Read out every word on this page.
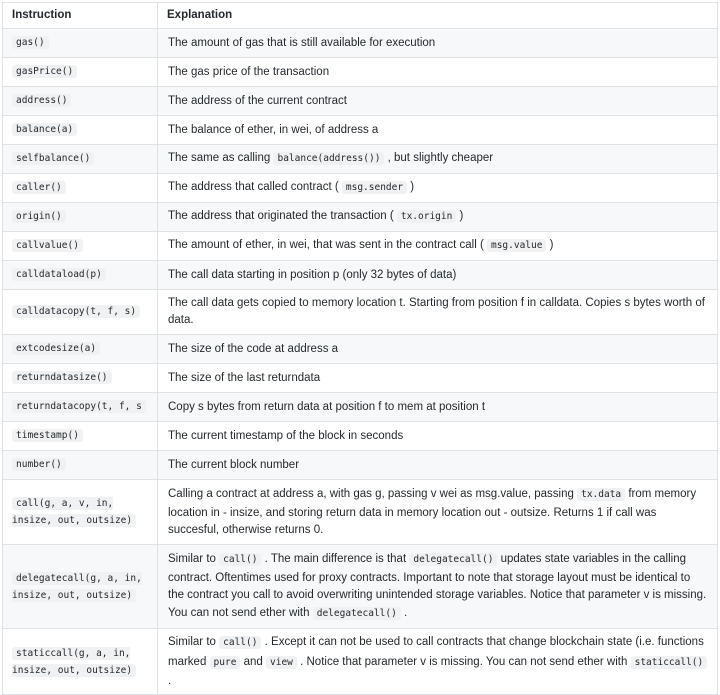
Instruction	Explanation
gas()	The amount of gas that is still available for execution
gasPrice()	The gas price of the transaction
address()	The address of the current contract
balance(a)	The balance of ether, in wei, of address a
selfbalance()	The same as calling balance(address()) , but slightly cheaper
caller()	The address that called contract ( msg.sender )
origin()	The address that originated the transaction ( tx.origin )
callvalue()	The amount of ether, in wei, that was sent in the contract call ( msg.value )
calldataload(p)	The call data starting in position p (only 32 bytes of data)
calldatacopy(t, f, s)	The call data gets copied to memory location t. Starting from position f in calldata. Copies s bytes worth of data.
extcodesize(a)	The size of the code at address a
returndatasize()	The size of the last returndata
returndatacopy(t, f, s	Copy s bytes from return data at position f to mem at position t
timestamp()	The current timestamp of the block in seconds
number()	The current block number
call(g, a, v, in, insize, out, outsize)	Calling a contract at address a, with gas g, passing v wei as msg.value, passing tx.data from memory location in - insize, and storing return data in memory location out - outsize. Returns 1 if call was succesful, otherwise returns 0.
delegatecall(g, a, in, insize, out, outsize)	Similar to call() . The main difference is that delegatecall() updates state variables in the calling contract. Oftentimes used for proxy contracts. Important to note that storage layout must be identical to the contract you call to avoid overwriting unintended storage variables. Notice that parameter v is missing. You can not send ether with delegatecall() .
staticcall(g, a, in, insize, out, outsize)	Similar to call() . Except it can not be used to call contracts that change blockchain state (i.e. functions marked pure and view . Notice that parameter v is missing. You can not send ether with staticcall() .
